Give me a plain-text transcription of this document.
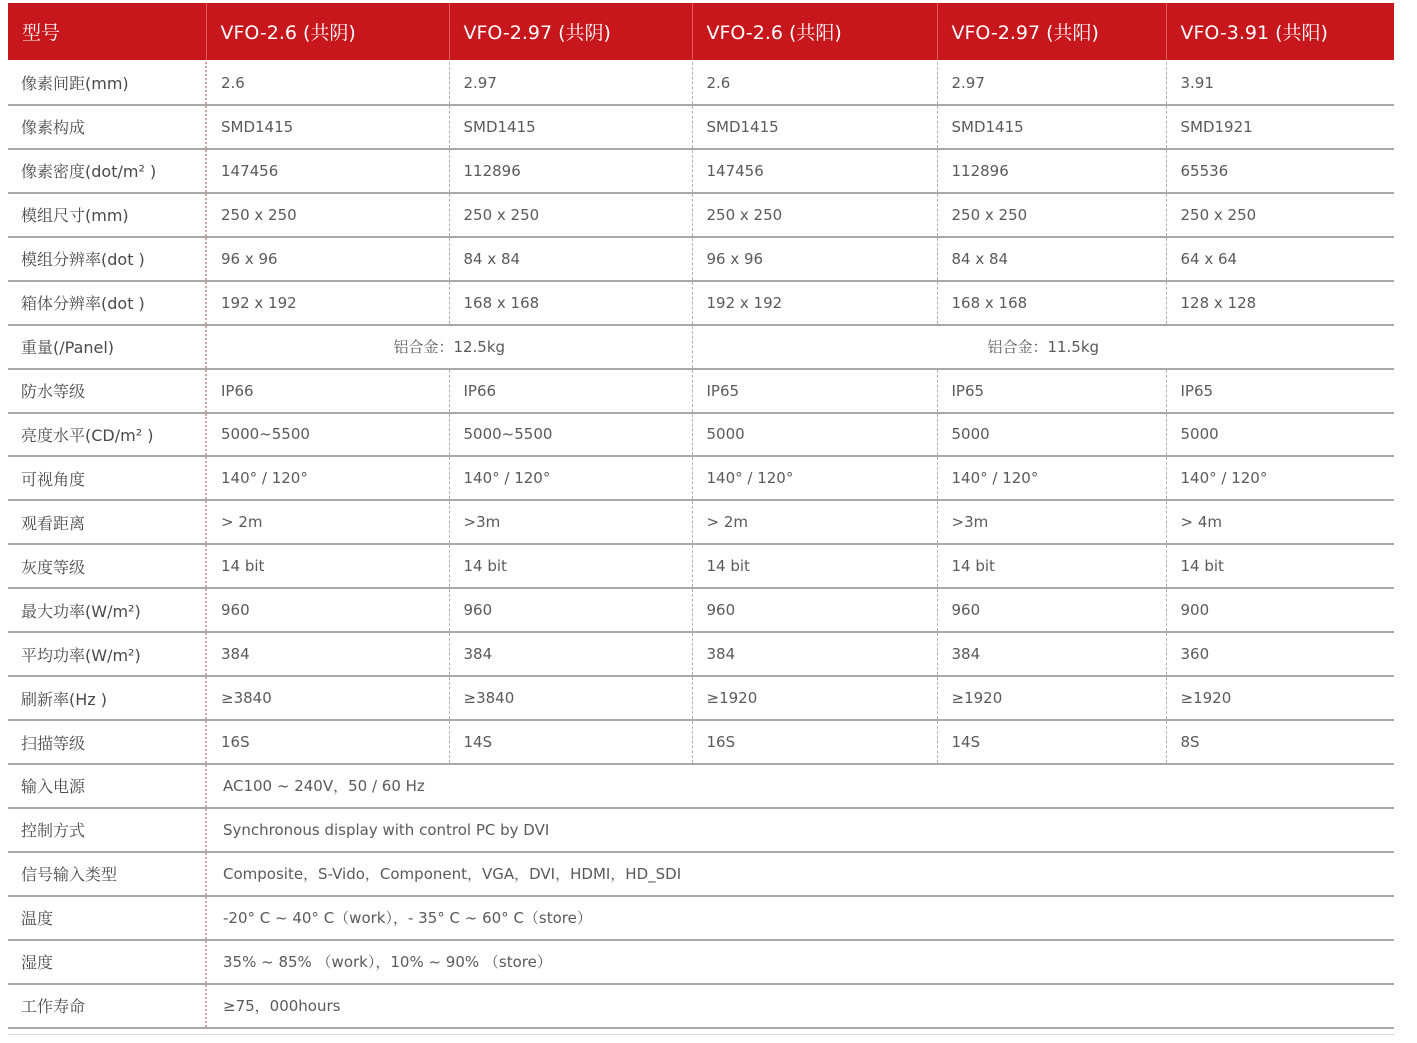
型号	VFO-2.6 (共阴)	VFO-2.97 (共阴)	VFO-2.6 (共阳)	VFO-2.97 (共阳)	VFO-3.91 (共阳)
像素间距(mm)	2.6	2.97	2.6	2.97	3.91
像素构成	SMD1415	SMD1415	SMD1415	SMD1415	SMD1921
像素密度(dot/m² )	147456	112896	147456	112896	65536
模组尺寸(mm)	250 x 250	250 x 250	250 x 250	250 x 250	250 x 250
模组分辨率(dot )	96 x 96	84 x 84	96 x 96	84 x 84	64 x 64
箱体分辨率(dot )	192 x 192	168 x 168	192 x 192	168 x 168	128 x 128
重量(/Panel)	铝合金：12.5kg		铝合金：11.5kg		
防水等级	IP66	IP66	IP65	IP65	IP65
亮度水平(CD/m² )	5000~5500	5000~5500	5000	5000	5000
可视角度	140° / 120°	140° / 120°	140° / 120°	140° / 120°	140° / 120°
观看距离	> 2m	>3m	> 2m	>3m	> 4m
灰度等级	14 bit	14 bit	14 bit	14 bit	14 bit
最大功率(W/m²)	960	960	960	960	900
平均功率(W/m²)	384	384	384	384	360
刷新率(Hz )	≥3840	≥3840	≥1920	≥1920	≥1920
扫描等级	16S	14S	16S	14S	8S
输入电源	AC100 ~ 240V，50 / 60 Hz				
控制方式	Synchronous display with control PC by DVI				
信号输入类型	Composite，S-Vido，Component，VGA，DVI，HDMI，HD_SDI				
温度	-20° C ~ 40° C（work），- 35° C ~ 60° C（store）				
湿度	35% ~ 85% （work），10% ~ 90% （store）				
工作寿命	≥75，000hours				
